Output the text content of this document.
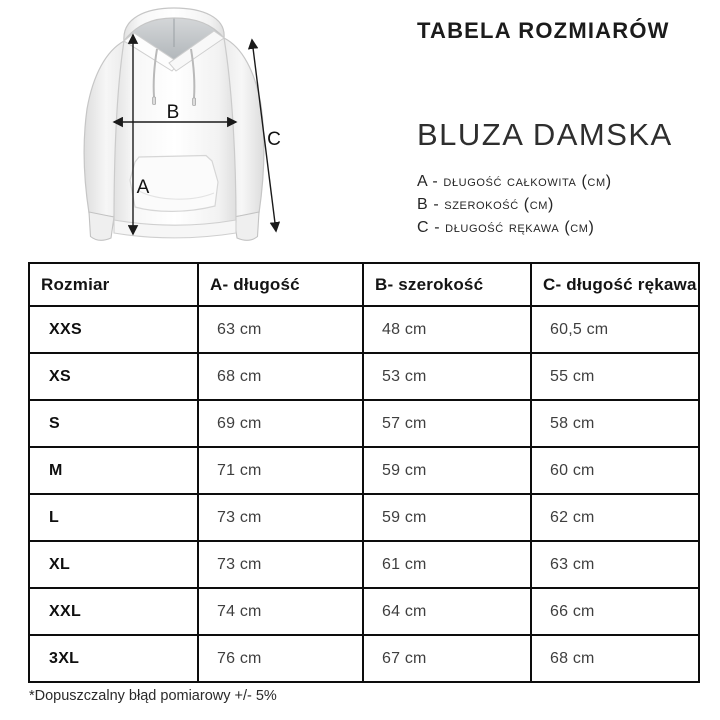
A
B
C
TABELA ROZMIARÓW
BLUZA DAMSKA
A - długość całkowita (cm)
B - szerokość (cm)
C - długość rękawa (cm)
Rozmiar	A- długość	B- szerokość	C- długość rękawa
XXS	63 cm	48 cm	60,5 cm
XS	68 cm	53 cm	55 cm
S	69 cm	57 cm	58 cm
M	71 cm	59 cm	60 cm
L	73 cm	59 cm	62 cm
XL	73 cm	61 cm	63 cm
XXL	74 cm	64 cm	66 cm
3XL	76 cm	67 cm	68 cm
*Dopuszczalny błąd pomiarowy +/- 5%
